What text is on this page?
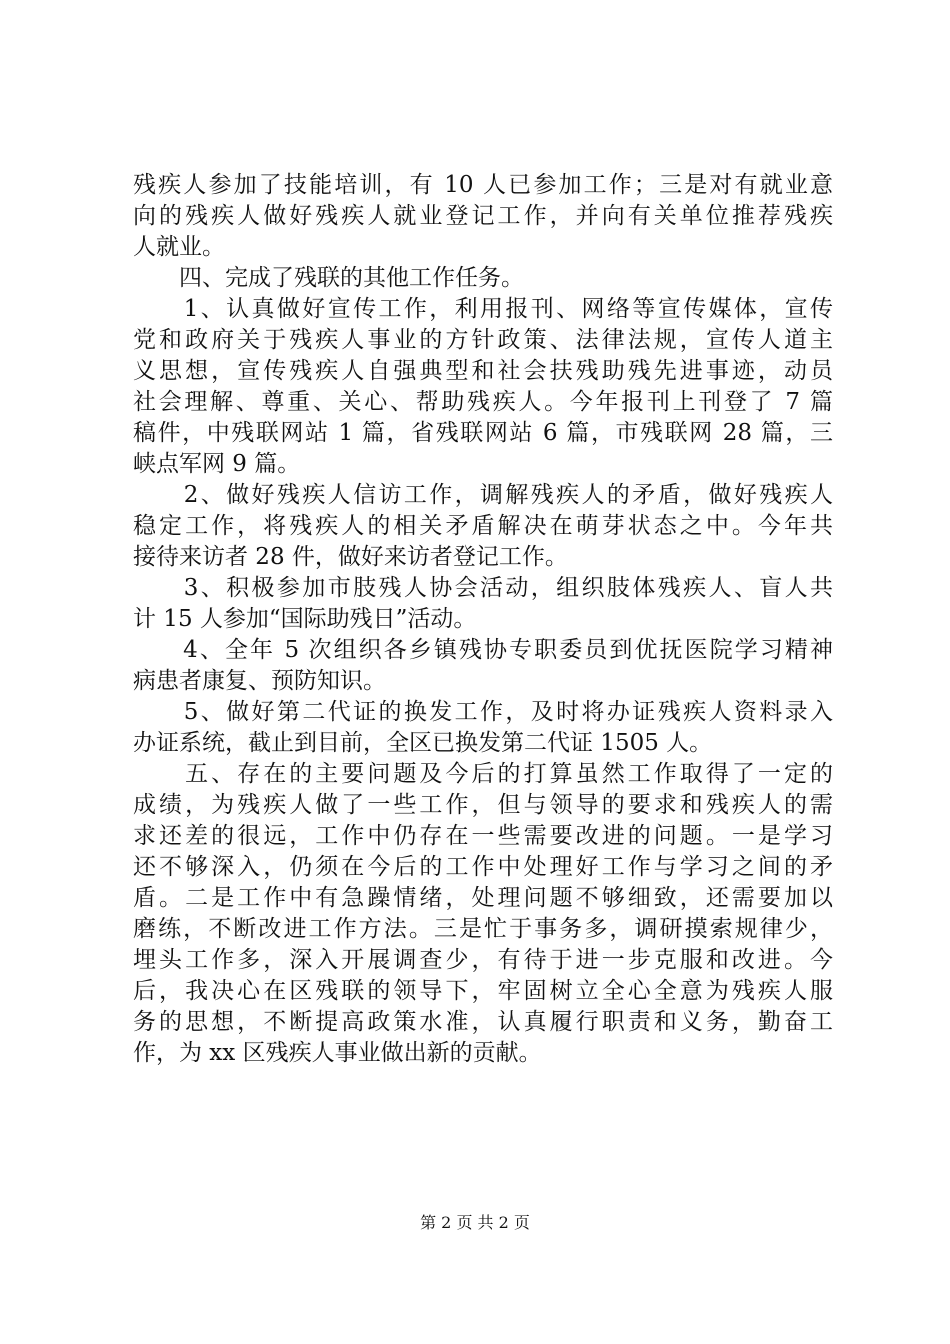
残疾人参加了技能培训，有 10 人已参加工作；三是对有就业意
向的残疾人做好残疾人就业登记工作，并向有关单位推荐残疾
人就业。
　　四、完成了残联的其他工作任务。
　　1、认真做好宣传工作，利用报刊、网络等宣传媒体，宣传
党和政府关于残疾人事业的方针政策、法律法规，宣传人道主
义思想，宣传残疾人自强典型和社会扶残助残先进事迹，动员
社会理解、尊重、关心、帮助残疾人。今年报刊上刊登了 7 篇
稿件，中残联网站 1 篇，省残联网站 6 篇，市残联网 28 篇，三
峡点军网 9 篇。
　　2、做好残疾人信访工作，调解残疾人的矛盾，做好残疾人
稳定工作，将残疾人的相关矛盾解决在萌芽状态之中。今年共
接待来访者 28 件，做好来访者登记工作。
　　3、积极参加市肢残人协会活动，组织肢体残疾人、盲人共
计 15 人参加“国际助残日”活动。
　　4、全年 5 次组织各乡镇残协专职委员到优抚医院学习精神
病患者康复、预防知识。
　　5、做好第二代证的换发工作，及时将办证残疾人资料录入
办证系统，截止到目前，全区已换发第二代证 1505 人。
　　五、存在的主要问题及今后的打算虽然工作取得了一定的
成绩，为残疾人做了一些工作，但与领导的要求和残疾人的需
求还差的很远，工作中仍存在一些需要改进的问题。一是学习
还不够深入，仍须在今后的工作中处理好工作与学习之间的矛
盾。二是工作中有急躁情绪，处理问题不够细致，还需要加以
磨练，不断改进工作方法。三是忙于事务多，调研摸索规律少，
埋头工作多，深入开展调查少，有待于进一步克服和改进。今
后，我决心在区残联的领导下，牢固树立全心全意为残疾人服
务的思想，不断提高政策水准，认真履行职责和义务，勤奋工
作，为 xx 区残疾人事业做出新的贡献。
第 2 页 共 2 页
